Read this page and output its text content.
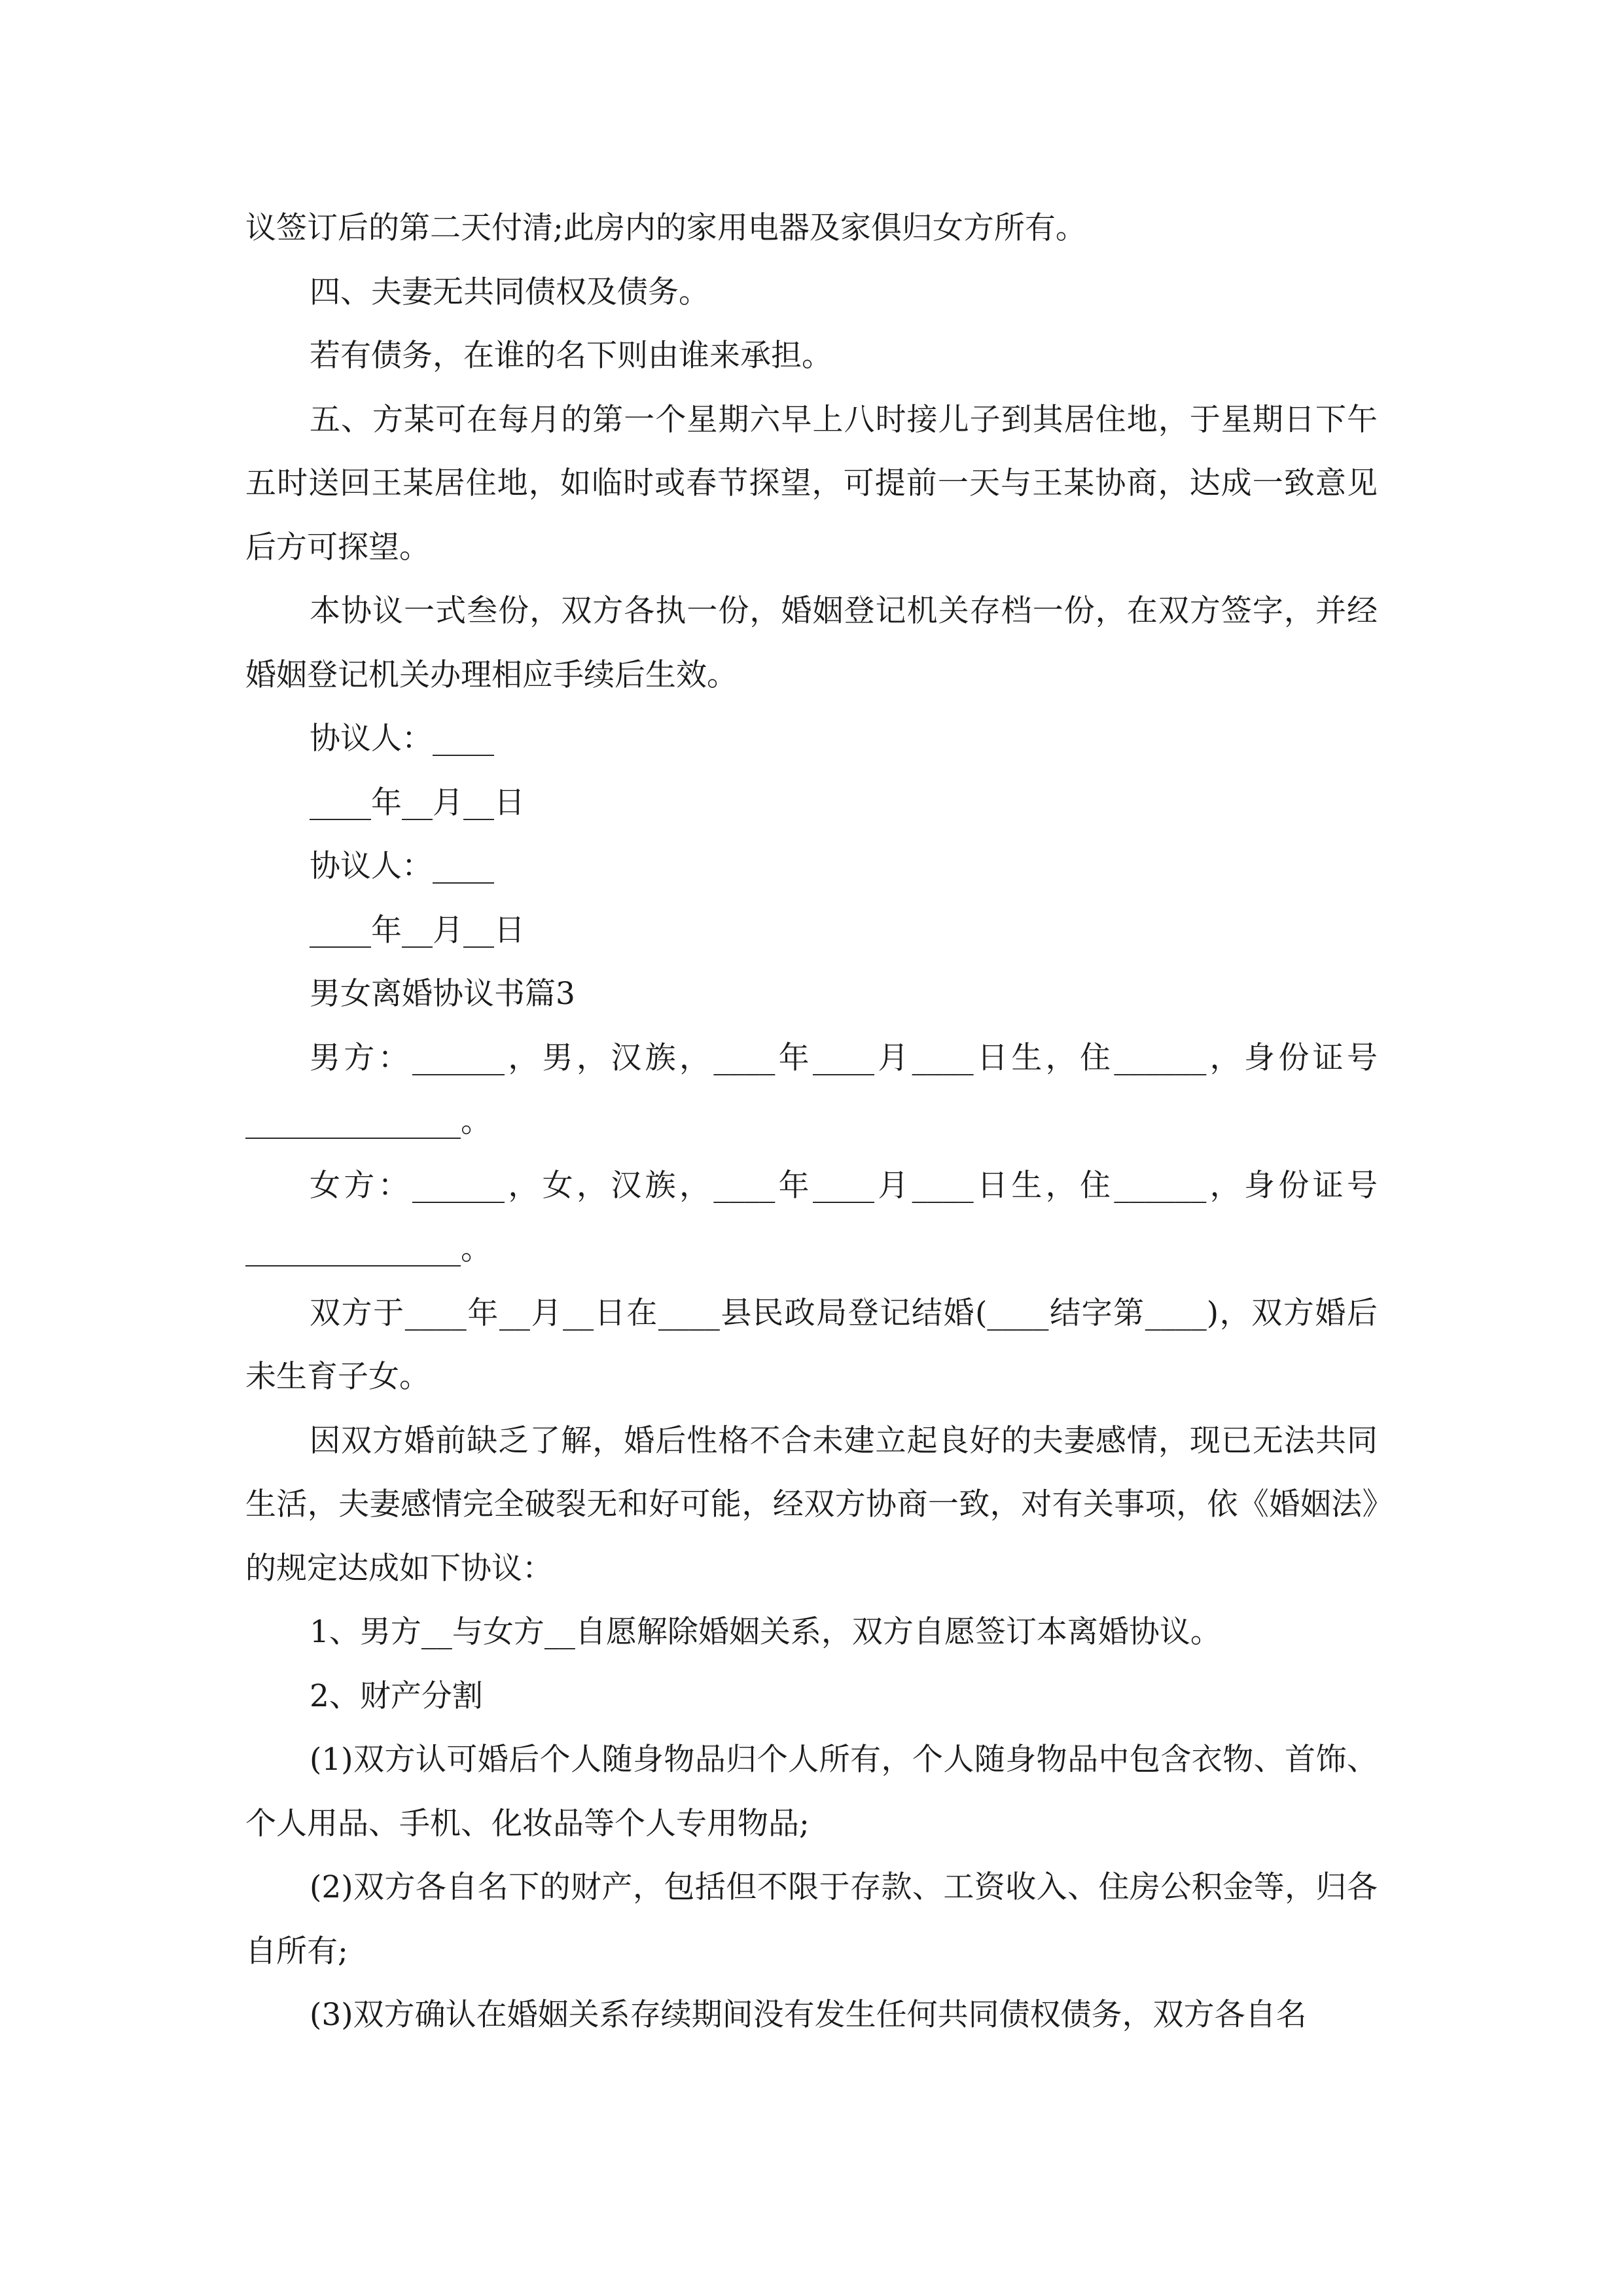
议签订后的第二天付清;此房内的家用电器及家俱归女方所有。

四、夫妻无共同债权及债务。

若有债务，在谁的名下则由谁来承担。

五、方某可在每月的第一个星期六早上八时接儿子到其居住地，于星期日下午五时送回王某居住地，如临时或春节探望，可提前一天与王某协商，达成一致意见后方可探望。

本协议一式叁份，双方各执一份，婚姻登记机关存档一份，在双方签字，并经婚姻登记机关办理相应手续后生效。

协议人：____

____年__月__日

协议人：____

____年__月__日

男女离婚协议书篇3

男方：______，男，汉族，____年____月____日生，住______，身份证号______________。

女方：______，女，汉族，____年____月____日生，住______，身份证号______________。

双方于____年__月__日在____县民政局登记结婚(____结字第____)，双方婚后未生育子女。

因双方婚前缺乏了解，婚后性格不合未建立起良好的夫妻感情，现已无法共同生活，夫妻感情完全破裂无和好可能，经双方协商一致，对有关事项，依《婚姻法》的规定达成如下协议：

1、男方__与女方__自愿解除婚姻关系，双方自愿签订本离婚协议。

2、财产分割

(1)双方认可婚后个人随身物品归个人所有，个人随身物品中包含衣物、首饰、个人用品、手机、化妆品等个人专用物品;

(2)双方各自名下的财产，包括但不限于存款、工资收入、住房公积金等，归各自所有;

(3)双方确认在婚姻关系存续期间没有发生任何共同债权债务，双方各自名
